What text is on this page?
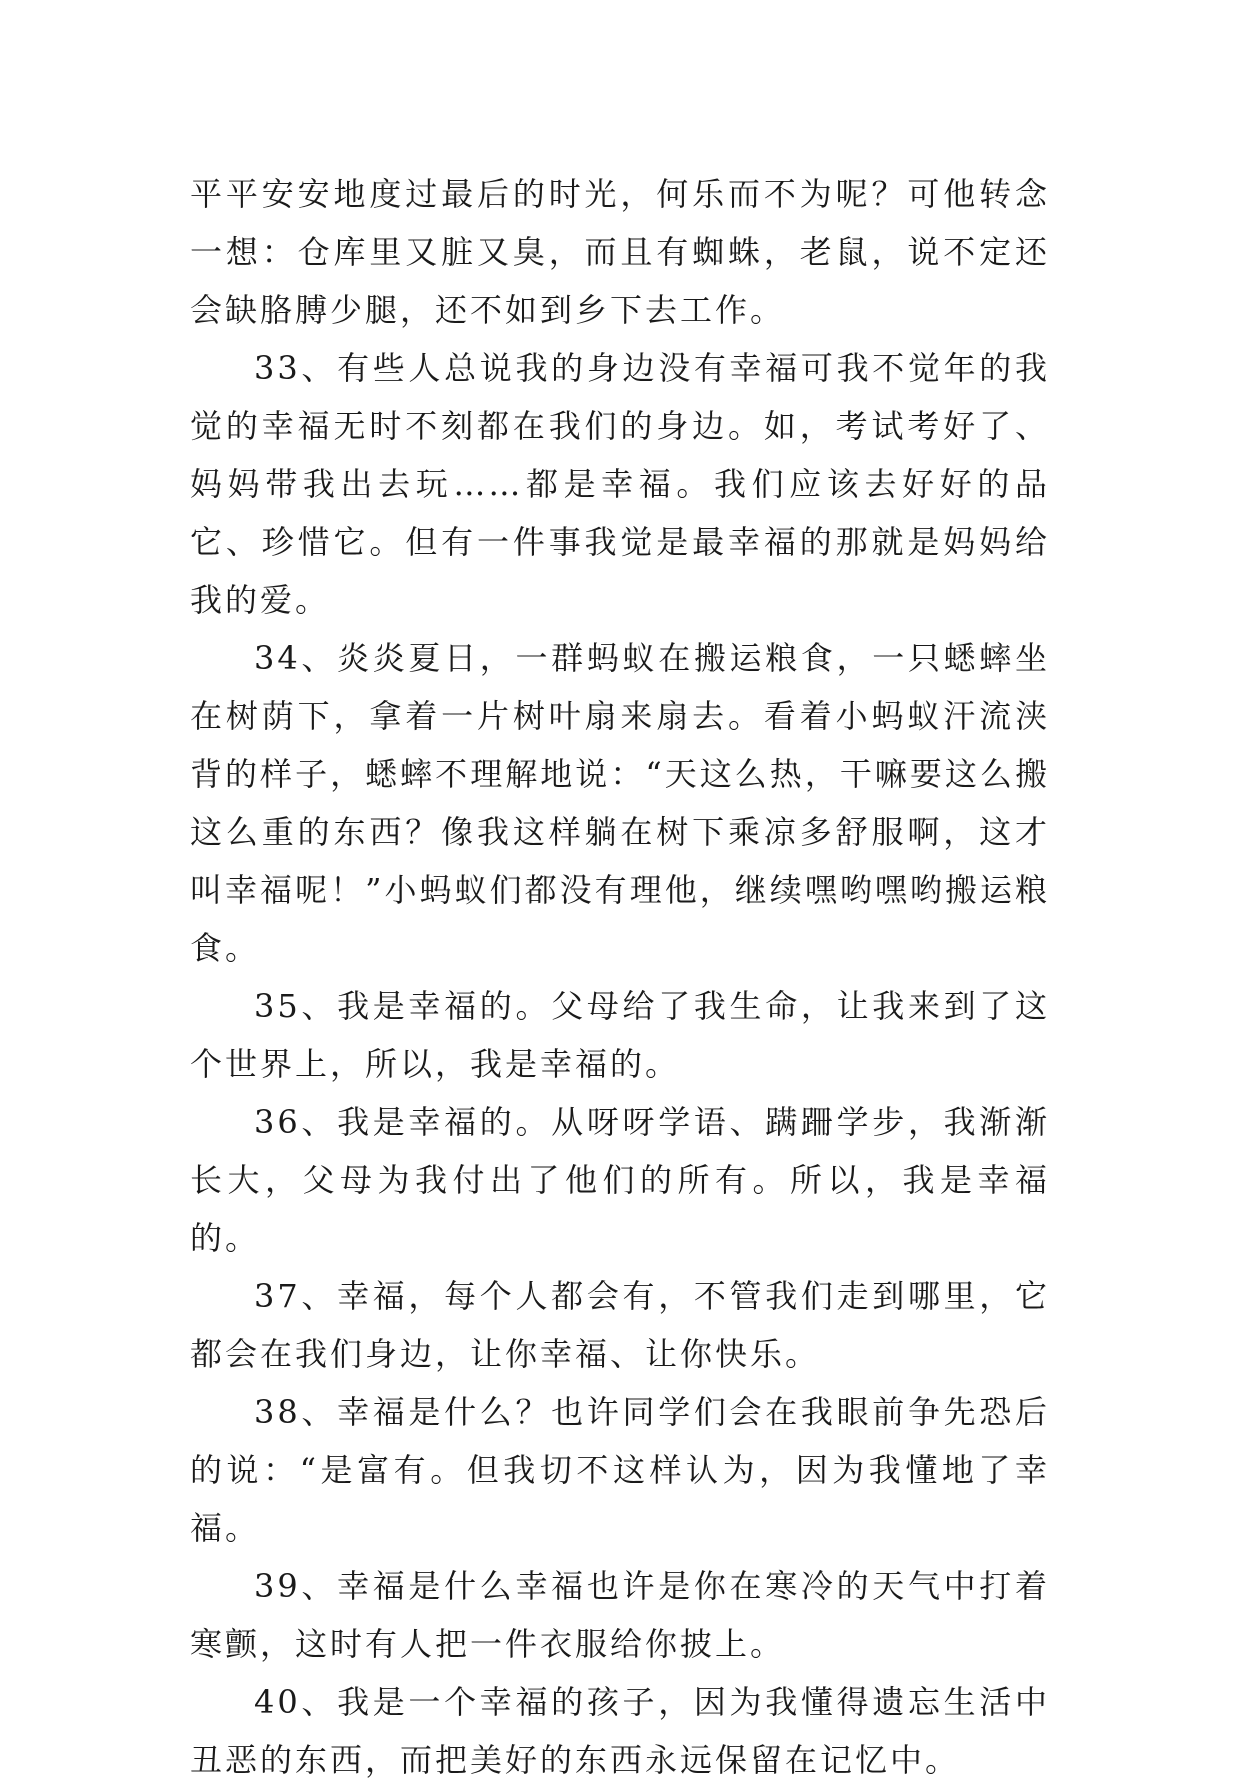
平平安安地度过最后的时光，何乐而不为呢？可他转念一想：仓库里又脏又臭，而且有蜘蛛，老鼠，说不定还会缺胳膊少腿，还不如到乡下去工作。

33、有些人总说我的身边没有幸福可我不觉年的我觉的幸福无时不刻都在我们的身边。如，考试考好了、妈妈带我出去玩……都是幸福。我们应该去好好的品它、珍惜它。但有一件事我觉是最幸福的那就是妈妈给我的爱。

34、炎炎夏日，一群蚂蚁在搬运粮食，一只蟋蟀坐在树荫下，拿着一片树叶扇来扇去。看着小蚂蚁汗流浃背的样子，蟋蟀不理解地说：“天这么热，干嘛要这么搬这么重的东西？像我这样躺在树下乘凉多舒服啊，这才叫幸福呢！”小蚂蚁们都没有理他，继续嘿哟嘿哟搬运粮食。

35、我是幸福的。父母给了我生命，让我来到了这个世界上，所以，我是幸福的。

36、我是幸福的。从呀呀学语、蹒跚学步，我渐渐长大，父母为我付出了他们的所有。所以，我是幸福的。

37、幸福，每个人都会有，不管我们走到哪里，它都会在我们身边，让你幸福、让你快乐。

38、幸福是什么？也许同学们会在我眼前争先恐后的说：“是富有。但我切不这样认为，因为我懂地了幸福。

39、幸福是什么幸福也许是你在寒冷的天气中打着寒颤，这时有人把一件衣服给你披上。

40、我是一个幸福的孩子，因为我懂得遗忘生活中丑恶的东西，而把美好的东西永远保留在记忆中。
